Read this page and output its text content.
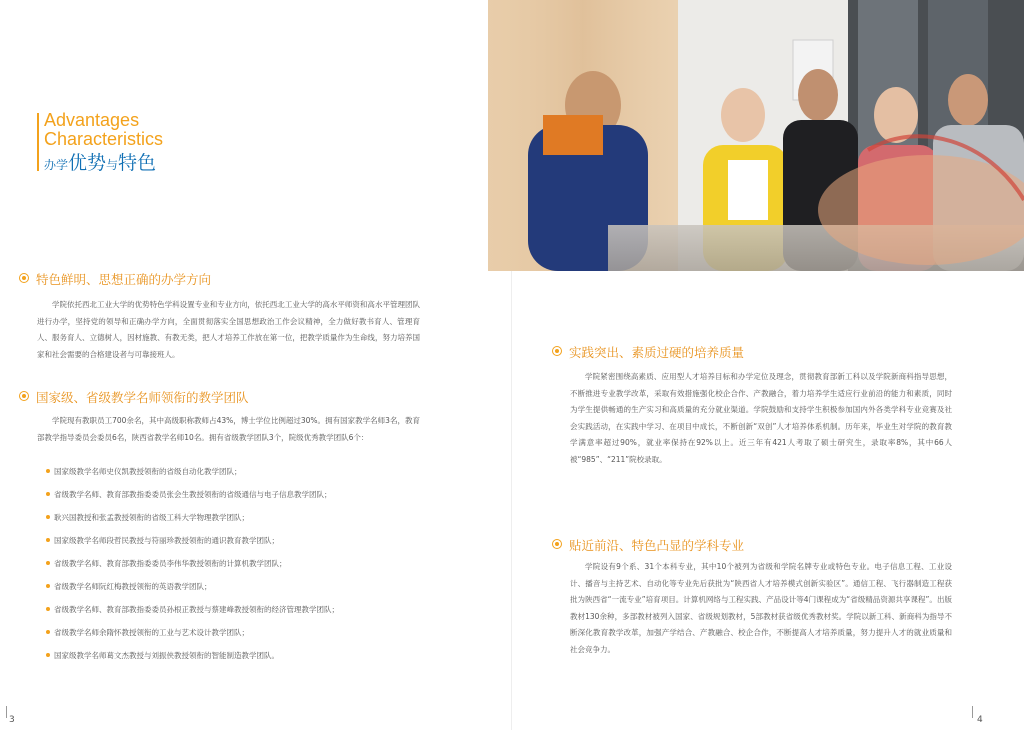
Advantages
Characteristics
办学优势与特色
特色鲜明、思想正确的办学方向
学院依托西北工业大学的优势特色学科设置专业和专业方向，依托西北工业大学的高水平师资和高水平管理团队进行办学，坚持党的领导和正确办学方向，全面贯彻落实全国思想政治工作会议精神，全力做好教书育人、管理育人、服务育人、立德树人，因材施教、有教无类，把人才培养工作放在第一位，把教学质量作为生命线，努力培养国家和社会需要的合格建设者与可靠接班人。
国家级、省级教学名师领衔的教学团队
学院现有教职员工700余名，其中高级职称教师占43%，博士学位比例超过30%。拥有国家教学名师3名，教育部教学指导委员会委员6名，陕西省教学名师10名。拥有省级教学团队3个，院级优秀教学团队6个：
国家级教学名师史仪凯教授领衔的省级自动化教学团队；
省级教学名师、教育部教指委委员张会生教授领衔的省级通信与电子信息教学团队；
耿兴国教授和张孟教授领衔的省级工科大学物理教学团队；
国家级教学名师段哲民教授与符丽珍教授领衔的通识教育教学团队；
省级教学名师、教育部教指委委员李伟华教授领衔的计算机教学团队；
省级教学名师阮红梅教授领衔的英语教学团队；
省级教学名师、教育部教指委委员孙根正教授与蔡建峰教授领衔的经济管理教学团队；
省级教学名师余隋怀教授领衔的工业与艺术设计教学团队；
国家级教学名师葛文杰教授与刘振侠教授领衔的智能制造教学团队。
实践突出、素质过硬的培养质量
学院紧密围绕高素质、应用型人才培养目标和办学定位及理念，贯彻教育部新工科以及学院新商科指导思想，不断推进专业教学改革，采取有效措施强化校企合作、产教融合，着力培养学生适应行业前沿的能力和素质，同时为学生提供畅通的生产实习和高质量的充分就业渠道。学院鼓励和支持学生积极参加国内外各类学科专业竞赛及社会实践活动，在实践中学习、在项目中成长，不断创新“双创”人才培养体系机制。历年来，毕业生对学院的教育教学满意率超过90%，就业率保持在92%以上。近三年有421人考取了硕士研究生，录取率8%，其中66人被“985”、“211”院校录取。
贴近前沿、特色凸显的学科专业
学院设有9个系、31个本科专业，其中10个被列为省级和学院名牌专业或特色专业。电子信息工程、工业设计、播音与主持艺术、自动化等专业先后获批为“陕西省人才培养模式创新实验区”。通信工程、飞行器制造工程获批为陕西省“一流专业”培育项目。计算机网络与工程实践、产品设计等4门课程成为“省级精品资源共享课程”。出版教材130余种，多部教材被列入国家、省级规划教材，5部教材获省级优秀教材奖。学院以新工科、新商科为指导不断深化教育教学改革，加强产学结合、产教融合、校企合作，不断提高人才培养质量，努力提升人才的就业质量和社会竞争力。
3	4
